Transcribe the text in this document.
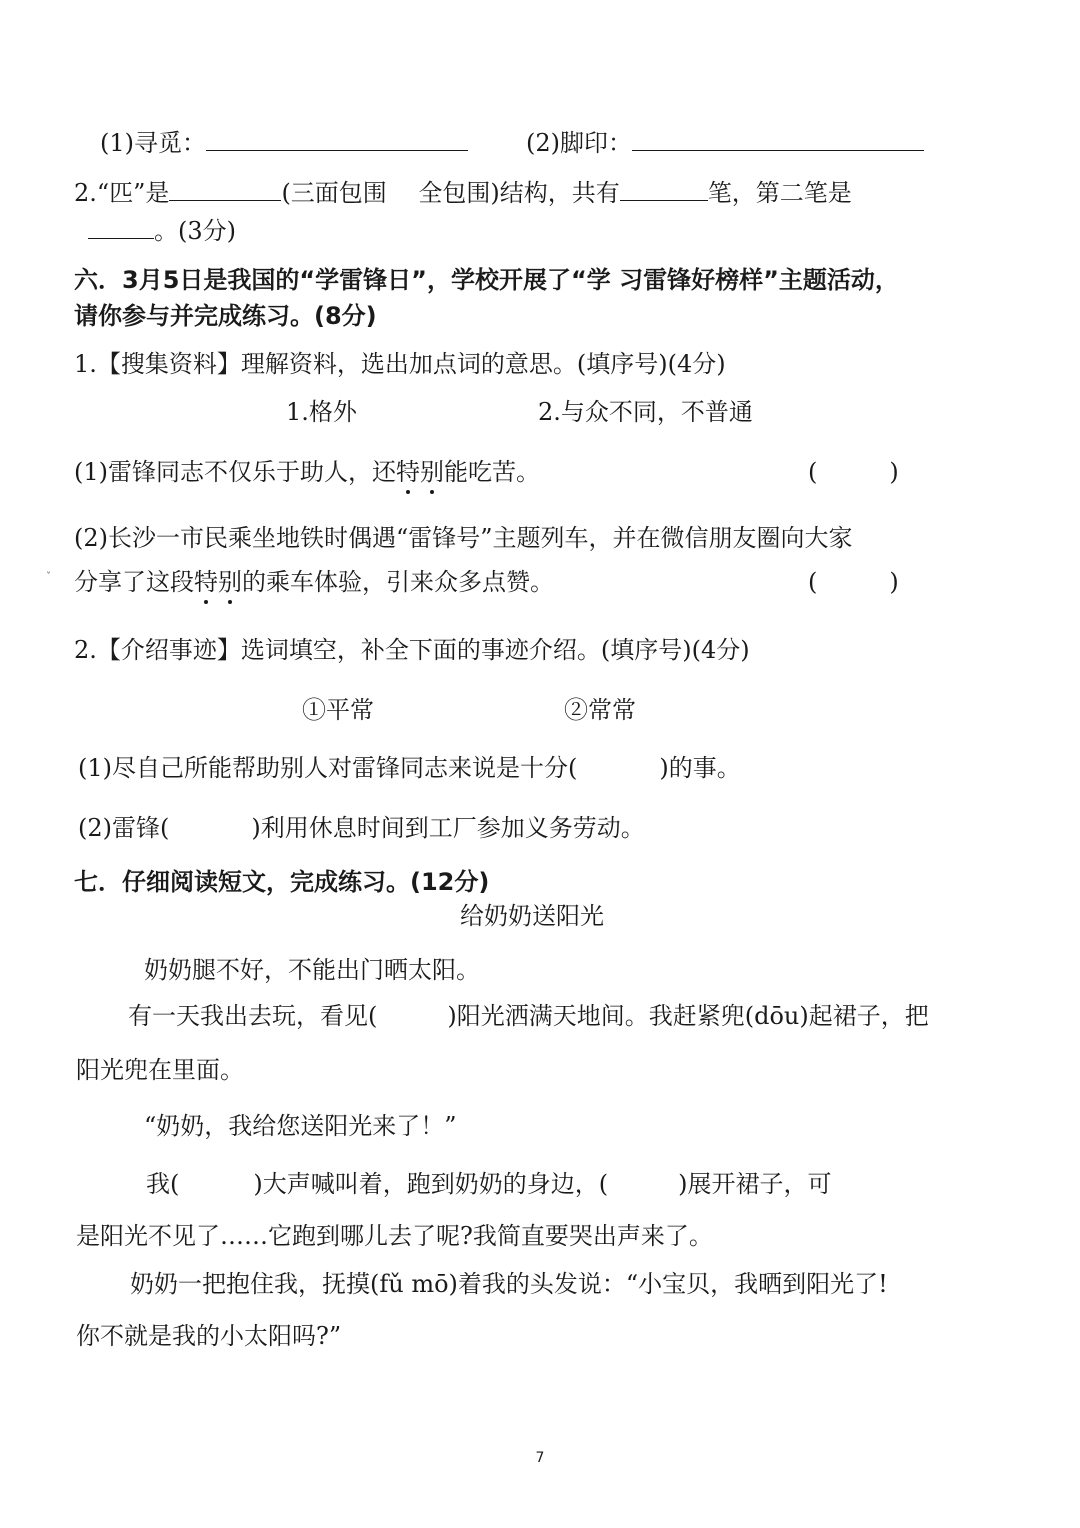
(1)寻觅：	(2)脚印：
2.“匹”是	(三面包围　 全包围)结构，共有	笔，第二笔是
。(3分)
六．3月5日是我国的“学雷锋日”，学校开展了“学 习雷锋好榜样”主题活动，
请你参与并完成练习。(8分)
1.【搜集资料】理解资料，选出加点词的意思。(填序号)(4分)
1.格外	2.与众不同，不普通
(1)雷锋同志不仅乐于助人，还特别能吃苦。	(　　　)
(2)长沙一市民乘坐地铁时偶遇“雷锋号”主题列车，并在微信朋友圈向大家
分享了这段特别的乘车体验，引来众多点赞。	(　　　)
ˇ
2.【介绍事迹】选词填空，补全下面的事迹介绍。(填序号)(4分)
①平常	②常常
(1)尽自己所能帮助别人对雷锋同志来说是十分(	)的事。
(2)雷锋(	)利用休息时间到工厂参加义务劳动。
七．仔细阅读短文，完成练习。(12分)
给奶奶送阳光
奶奶腿不好，不能出门晒太阳。
有一天我出去玩，看见(	)阳光洒满天地间。我赶紧兜(dōu)起裙子，把
阳光兜在里面。
“奶奶，我给您送阳光来了！”
我(	)大声喊叫着，跑到奶奶的身边，(	)展开裙子，可
是阳光不见了……它跑到哪儿去了呢?我简直要哭出声来了。
奶奶一把抱住我，抚摸(fǔ mō)着我的头发说：“小宝贝，我晒到阳光了!
你不就是我的小太阳吗?”
7
